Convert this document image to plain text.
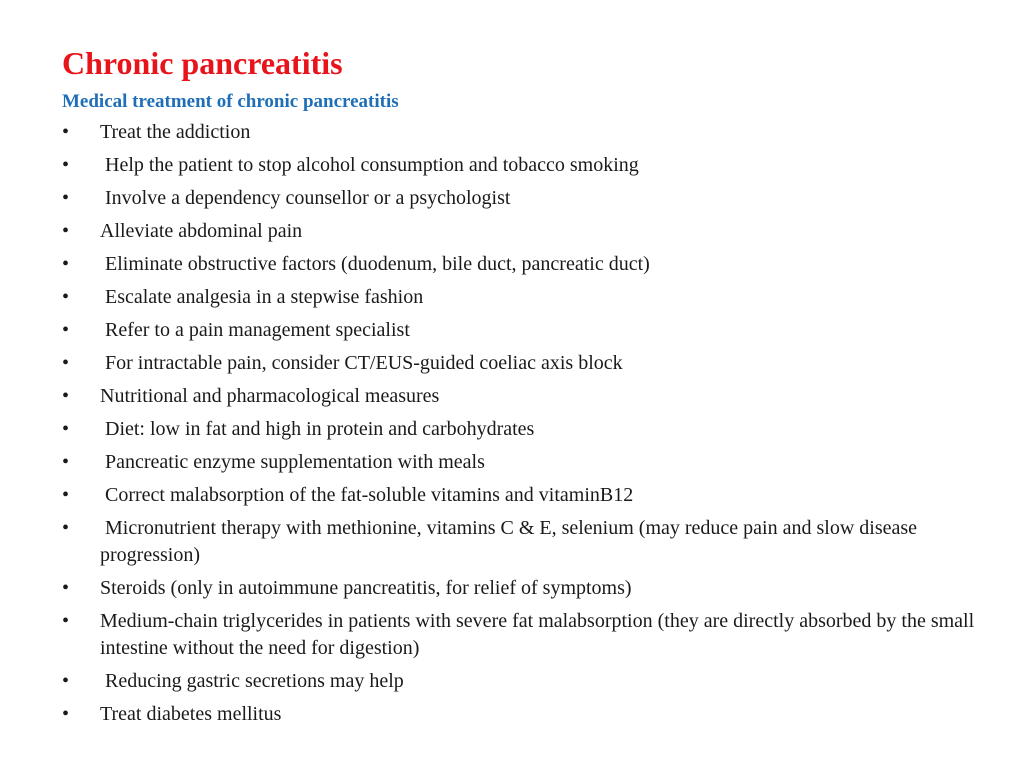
Chronic pancreatitis
Medical treatment of chronic pancreatitis
•	Treat the addiction
•	Help the patient to stop alcohol consumption and tobacco smoking
•	Involve a dependency counsellor or a psychologist
•	Alleviate abdominal pain
•	Eliminate obstructive factors (duodenum, bile duct, pancreatic duct)
•	Escalate analgesia in a stepwise fashion
•	Refer to a pain management specialist
•	For intractable pain, consider CT/EUS-guided coeliac axis block
•	Nutritional and pharmacological measures
•	Diet: low in fat and high in protein and carbohydrates
•	Pancreatic enzyme supplementation with meals
•	Correct malabsorption of the fat-soluble vitamins and vitaminB12
•	Micronutrient therapy with methionine, vitamins C & E, selenium (may reduce pain and slow disease progression)
•	Steroids (only in autoimmune pancreatitis, for relief of symptoms)
•	Medium-chain triglycerides in patients with severe fat malabsorption (they are directly absorbed by the small intestine without the need for digestion)
•	Reducing gastric secretions may help
•	Treat diabetes mellitus
